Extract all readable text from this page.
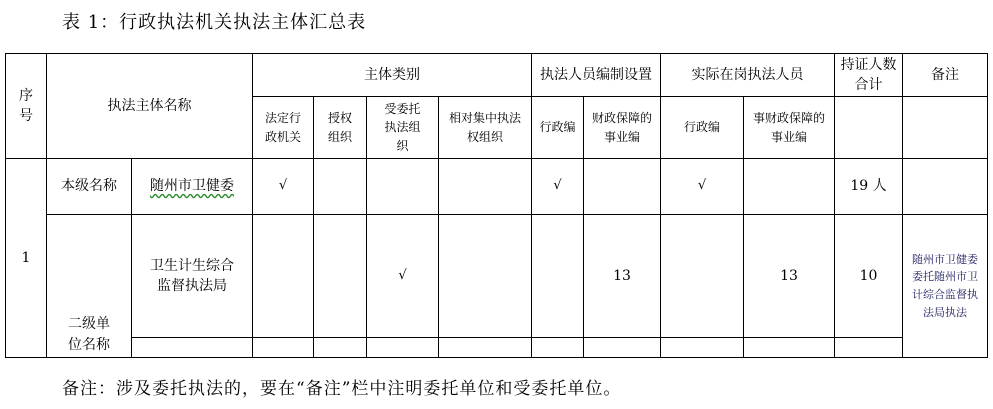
表 1：行政执法机关执法主体汇总表
序号	执法主体名称		主体类别				执法人员编制设置		实际在岗执法人员		持证人数合计	备注
			法定行政机关	授权组织	受委托执法组织	相对集中执法权组织	行政编	财政保障的事业编	行政编	事财政保障的事业编		
1	本级名称	随州市卫健委	√				√		√		19 人	
	二级单位名称	卫生计生综合监督执法局			√			13		13	10	随州市卫健委委托随州市卫计综合监督执法局执法

备注：涉及委托执法的，要在“备注”栏中注明委托单位和受委托单位。
